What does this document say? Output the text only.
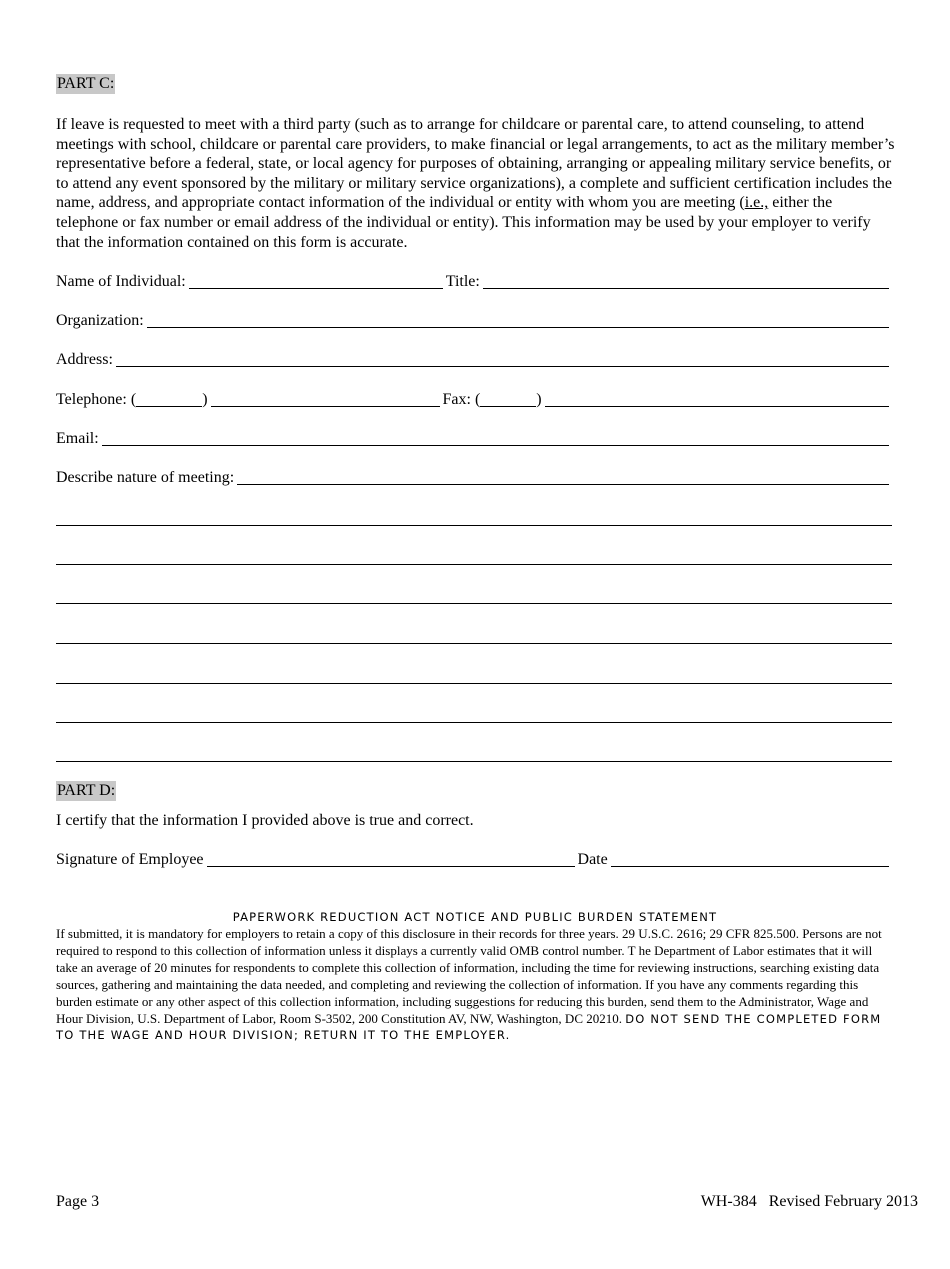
PART C:

If leave is requested to meet with a third party (such as to arrange for childcare or parental care, to attend counseling, to attend meetings with school, childcare or parental care providers, to make financial or legal arrangements, to act as the military member’s representative before a federal, state, or local agency for purposes of obtaining, arranging or appealing military service benefits, or to attend any event sponsored by the military or military service organizations), a complete and sufficient certification includes the name, address, and appropriate contact information of the individual or entity with whom you are meeting (i.e., either the telephone or fax number or email address of the individual or entity). This information may be used by your employer to verify that the information contained on this form is accurate.

Name of Individual:	Title:
Organization:
Address:
Telephone: (	)	Fax: (	)
Email:
Describe nature of meeting:
PART D:
I certify that the information I provided above is true and correct.
Signature of Employee	Date
PAPERWORK REDUCTION ACT NOTICE AND PUBLIC BURDEN STATEMENT

If submitted, it is mandatory for employers to retain a copy of this disclosure in their records for three years. 29 U.S.C. 2616; 29 CFR 825.500. Persons are not required to respond to this collection of information unless it displays a currently valid OMB control number. T he Department of Labor estimates that it will take an average of 20 minutes for respondents to complete this collection of information, including the time for reviewing instructions, searching existing data sources, gathering and maintaining the data needed, and completing and reviewing the collection of information. If you have any comments regarding this burden estimate or any other aspect of this collection information, including suggestions for reducing this burden, send them to the Administrator, Wage and Hour Division, U.S. Department of Labor, Room S-3502, 200 Constitution AV, NW, Washington, DC 20210. DO NOT SEND THE COMPLETED FORM TO THE WAGE AND HOUR DIVISION; RETURN IT TO THE EMPLOYER.

Page 3	WH-384   Revised February 2013
